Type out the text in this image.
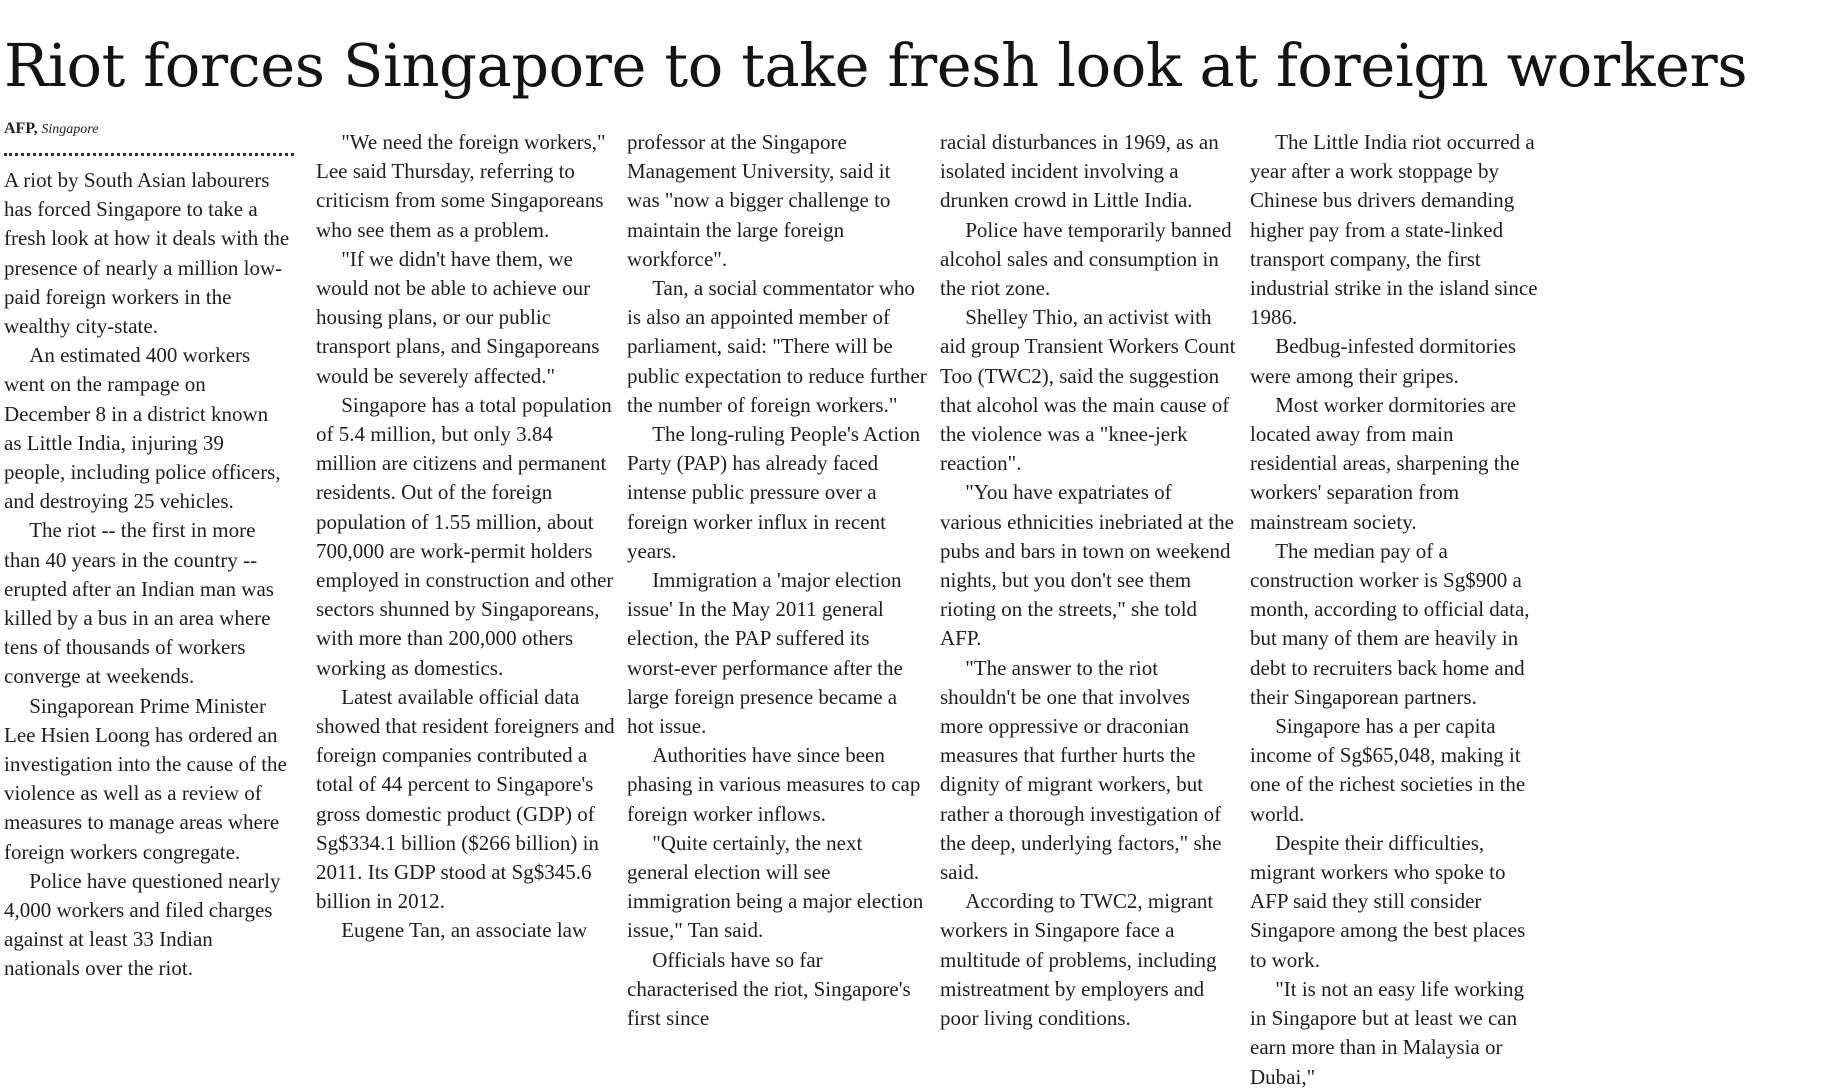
Riot forces Singapore to take fresh look at foreign workers
AFP, Singapore

A riot by South Asian labourers has forced Singapore to take a fresh look at how it deals with the presence of nearly a million low-paid foreign workers in the wealthy city-state.

An estimated 400 workers went on the rampage on December 8 in a district known as Little India, injuring 39 people, including police officers, and destroying 25 vehicles.

The riot -- the first in more than 40 years in the country -- erupted after an Indian man was killed by a bus in an area where tens of thousands of workers converge at weekends.

Singaporean Prime Minister Lee Hsien Loong has ordered an investigation into the cause of the violence as well as a review of measures to manage areas where foreign workers congregate.

Police have questioned nearly 4,000 workers and filed charges against at least 33 Indian nationals over the riot.

"We need the foreign workers," Lee said Thursday, referring to criticism from some Singaporeans who see them as a problem.

"If we didn't have them, we would not be able to achieve our housing plans, or our public transport plans, and Singaporeans would be severely affected."

Singapore has a total population of 5.4 million, but only 3.84 million are citizens and permanent residents. Out of the foreign population of 1.55 million, about 700,000 are work-permit holders employed in construction and other sectors shunned by Singaporeans, with more than 200,000 others working as domestics.

Latest available official data showed that resident foreigners and foreign companies contributed a total of 44 percent to Singapore's gross domestic product (GDP) of Sg$334.1 billion ($266 billion) in 2011. Its GDP stood at Sg$345.6 billion in 2012.

Eugene Tan, an associate law

professor at the Singapore Management University, said it was "now a bigger challenge to maintain the large foreign workforce".

Tan, a social commentator who is also an appointed member of parliament, said: "There will be public expectation to reduce further the number of foreign workers."

The long-ruling People's Action Party (PAP) has already faced intense public pressure over a foreign worker influx in recent years.

Immigration a 'major election issue' In the May 2011 general election, the PAP suffered its worst-ever performance after the large foreign presence became a hot issue.

Authorities have since been phasing in various measures to cap foreign worker inflows.

"Quite certainly, the next general election will see immigration being a major election issue," Tan said.

Officials have so far characterised the riot, Singapore's first since

racial disturbances in 1969, as an isolated incident involving a drunken crowd in Little India.

Police have temporarily banned alcohol sales and consumption in the riot zone.

Shelley Thio, an activist with aid group Transient Workers Count Too (TWC2), said the suggestion that alcohol was the main cause of the violence was a "knee-jerk reaction".

"You have expatriates of various ethnicities inebriated at the pubs and bars in town on weekend nights, but you don't see them rioting on the streets," she told AFP.

"The answer to the riot shouldn't be one that involves more oppressive or draconian measures that further hurts the dignity of migrant workers, but rather a thorough investigation of the deep, underlying factors," she said.

According to TWC2, migrant workers in Singapore face a multitude of problems, including mistreatment by employers and poor living conditions.

The Little India riot occurred a year after a work stoppage by Chinese bus drivers demanding higher pay from a state-linked transport company, the first industrial strike in the island since 1986.

Bedbug-infested dormitories were among their gripes.

Most worker dormitories are located away from main residential areas, sharpening the workers' separation from mainstream society.

The median pay of a construction worker is Sg$900 a month, according to official data, but many of them are heavily in debt to recruiters back home and their Singaporean partners.

Singapore has a per capita income of Sg$65,048, making it one of the richest societies in the world.

Despite their difficulties, migrant workers who spoke to AFP said they still consider Singapore among the best places to work.

"It is not an easy life working in Singapore but at least we can earn more than in Malaysia or Dubai,"
